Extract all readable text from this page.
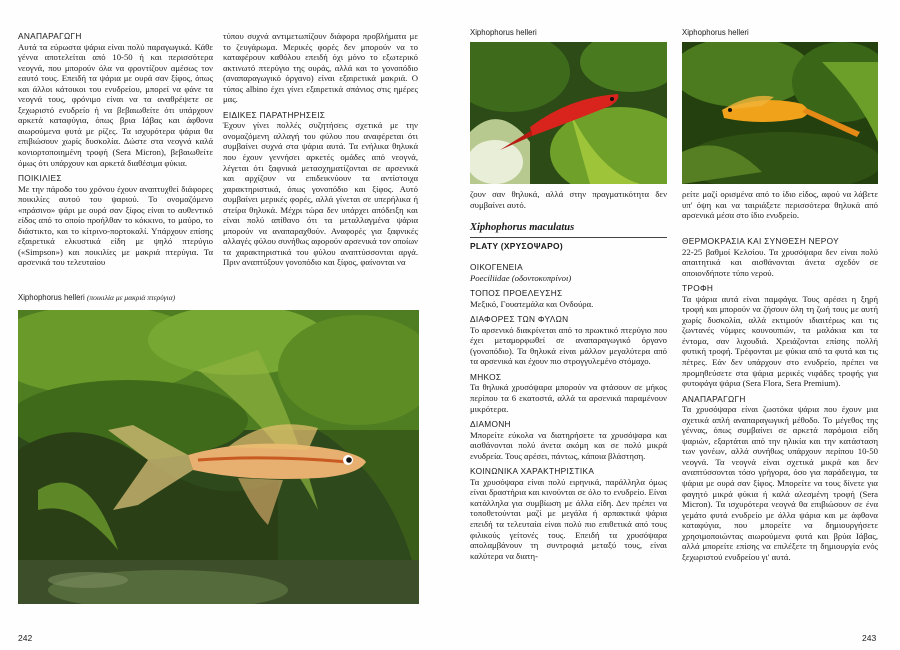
ΑΝΑΠΑΡΑΓΩΓΗ

Αυτά τα εύρωστα ψάρια είναι πολύ παραγωγικά. Κάθε γέννα αποτελείται από 10-50 ή και περισσότερα νεογνά, που μπορούν όλα να φροντίζουν αμέσως τον εαυτό τους. Επειδή τα ψάρια με ουρά σαν ξίφος, όπως και άλλοι κάτοικοι του ενυδρείου, μπορεί να φάνε τα νεογνά τους, φρόνιμο είναι να τα αναθρέψετε σε ξεχωριστό ενυδρείο ή να βεβαιωθείτε ότι υπάρχουν αρκετά καταφύγια, όπως βρια Ιάβας και άφθονα αιωρούμενα φυτά με ρίζες. Τα ισχυρότερα ψάρια θα επιβιώσουν χωρίς δυσκολία. Δώστε στα νεογνά καλά κονιορτοποιημένη τροφή (Sera Micron), βεβαιωθείτε όμως ότι υπάρχουν και αρκετά διαθέσιμα φύκια.

ΠΟΙΚΙΛΙΕΣ

Με την πάροδο του χρόνου έχουν αναπτυχθεί διάφορες ποικιλίες αυτού του ψαριού. Το ονομαζόμενο «πράσινο» ψάρι με ουρά σαν ξίφος είναι το αυθεντικό είδος από το οποίο προήλθαν το κόκκινο, το μαύρο, το διάστικτο, και το κίτρινο-πορτοκαλί. Υπάρχουν επίσης εξαιρετικά ελκυστικά είδη με ψηλό πτερύγιο («Simpson») και ποικιλίες με μακριά πτερύγια. Τα αρσενικά του τελευταίου

τύπου συχνά αντιμετωπίζουν διάφορα προβλήματα με το ζευγάρωμα. Μερικές φορές δεν μπορούν να το καταφέρουν καθόλου επειδή όχι μόνο το εξωτερικό ακτινωτό πτερύγιο της ουράς, αλλά και το γονοπόδιο (αναπαραγωγικό όργανο) είναι εξαιρετικά μακριά. Ο τύπος albino έχει γίνει εξαιρετικά σπάνιος στις ημέρες μας.

ΕΙΔΙΚΕΣ ΠΑΡΑΤΗΡΗΣΕΙΣ

Έχουν γίνει πολλές συζητήσεις σχετικά με την ονομαζόμενη αλλαγή του φύλου που αναφέρεται ότι συμβαίνει συχνά στα ψάρια αυτά. Τα ενήλικα θηλυκά που έχουν γεννήσει αρκετές ομάδες από νεογνά, λέγεται ότι ξαφνικά μετασχηματίζονται σε αρσενικά και αρχίζουν να επιδεικνύουν τα αντίστοιχα χαρακτηριστικά, όπως γονοπόδιο και ξίφος. Αυτό συμβαίνει μερικές φορές, αλλά γίνεται σε υπερήλικα ή στείρα θηλυκά. Μέχρι τώρα δεν υπάρχει απόδειξη και είναι πολύ απίθανο ότι τα μεταλλαγμένα ψάρια μπορούν να αναπαραχθούν. Αναφορές για ξαφνικές αλλαγές φύλου συνήθως αφορούν αρσενικά τον οποίων τα χαρακτηριστικά του φύλου αναπτύσσονται αργά. Πριν αναπτύξουν γονοπόδιο και ξίφος, φαίνονται να

Xiphophorus helleri (ποικιλία με μακριά πτερύγια)
242
Xiphophorus helleri	Xiphophorus helleri
ζουν σαν θηλυκά, αλλά στην πραγματικότητα δεν συμβαίνει αυτό.
ρείτε μαζί ορισμένα από το ίδιο είδος, αφού να λάβετε υπ' όψη και να ταιριάξετε περισσότερα θηλυκά από αρσενικά μέσα στο ίδιο ενυδρείο.
Xiphophorus maculatus
PLATY (ΧΡΥΣΟΨΑΡΟ)
ΟΙΚΟΓΕΝΕΙΑ

Poeciliidae (οδοντοκυπρίνοι)

ΤΟΠΟΣ ΠΡΟΕΛΕΥΣΗΣ

Μεξικό, Γουατεμάλα και Ονδούρα.

ΔΙΑΦΟΡΕΣ ΤΩΝ ΦΥΛΩΝ

Το αρσενικό διακρίνεται από το πρωκτικό πτερύγιο που έχει μεταμορφωθεί σε αναπαραγωγικό όργανο (γονοπόδιο). Τα θηλυκά είναι μάλλον μεγαλύτερα από τα αρσενικά και έχουν πιο στρογγυλεμένο στόμαχο.

ΜΗΚΟΣ

Τα θηλυκά χρυσόψαρα μπορούν να φτάσουν σε μήκος περίπου τα 6 εκατοστά, αλλά τα αρσενικά παραμένουν μικρότερα.

ΔΙΑΜΟΝΗ

Μπορείτε εύκολα να διατηρήσετε τα χρυσόψαρα και αισθάνονται πολύ άνετα ακόμη και σε πολύ μικρά ενυδρεία. Τους αρέσει, πάντως, κάποια βλάστηση.

ΚΟΙΝΩΝΙΚΑ ΧΑΡΑΚΤΗΡΙΣΤΙΚΑ

Τα χρυσόψαρα είναι πολύ ειρηνικά, παράλληλα όμως είναι δραστήρια και κινούνται σε όλο το ενυδρείο. Είναι κατάλληλα για συμβίωση με άλλα είδη. Δεν πρέπει να τοποθετούνται μαζί με μεγάλα ή αρπακτικά ψάρια επειδή τα τελευταία είναι πολύ πιο επιθετικά από τους φιλικούς γείτονές τους. Επειδή τα χρυσόψαρα απολαμβάνουν τη συντροφιά μεταξύ τους, είναι καλύτερα να διατη-

ΘΕΡΜΟΚΡΑΣΙΑ ΚΑΙ ΣΥΝΘΕΣΗ ΝΕΡΟΥ

22-25 βαθμοί Κελσίου. Τα χρυσόψαρα δεν είναι πολύ απαιτητικά και αισθάνονται άνετα σχεδόν σε οποιονδήποτε τύπο νερού.

ΤΡΟΦΗ

Τα ψάρια αυτά είναι παμφάγα. Τους αρέσει η ξηρή τροφή και μπορούν να ζήσουν όλη τη ζωή τους με αυτή χωρίς δυσκολία, αλλά εκτιμούν ιδιαιτέρως και τις ζωντανές νύμφες κουνουπιών, τα μαλάκια και τα έντομα, σαν λιχουδιά. Χρειάζονται επίσης πολλή φυτική τροφή. Τρέφονται με φύκια από τα φυτά και τις πέτρες. Εάν δεν υπάρχουν στο ενυδρείο, πρέπει να προμηθεύσετε στα ψάρια μερικές νιφάδες τροφής για φυτοφάγα ψάρια (Sera Flora, Sera Premium).

ΑΝΑΠΑΡΑΓΩΓΗ

Τα χρυσόψαρα είναι ζωοτόκα ψάρια που έχουν μια σχετικά απλή αναπαραγωγική μέθοδο. Το μέγεθος της γέννας, όπως συμβαίνει σε αρκετά παρόμοια είδη ψαριών, εξαρτάται από την ηλικία και την κατάσταση των γονέων, αλλά συνήθως υπάρχουν περίπου 10-50 νεογνά. Τα νεογνά είναι σχετικά μικρά και δεν αναπτύσσονται τόσο γρήγορα, όσο για παράδειγμα, τα ψάρια με ουρά σαν ξίφος. Μπορείτε να τους δίνετε για φαγητό μικρά φύκια ή καλά αλεσμένη τροφή (Sera Micron). Τα ισχυρότερα νεογνά θα επιβιώσουν σε ένα γεμάτο φυτά ενυδρείο με άλλα ψάρια και με άφθονα καταφύγια, που μπορείτε να δημιουργήσετε χρησιμοποιώντας αιωρούμενα φυτά και βρύα Ιάβας, αλλά μπορείτε επίσης να επιλέξετε τη δημιουργία ενός ξεχωριστού ενυδρείου γι' αυτά.

243
